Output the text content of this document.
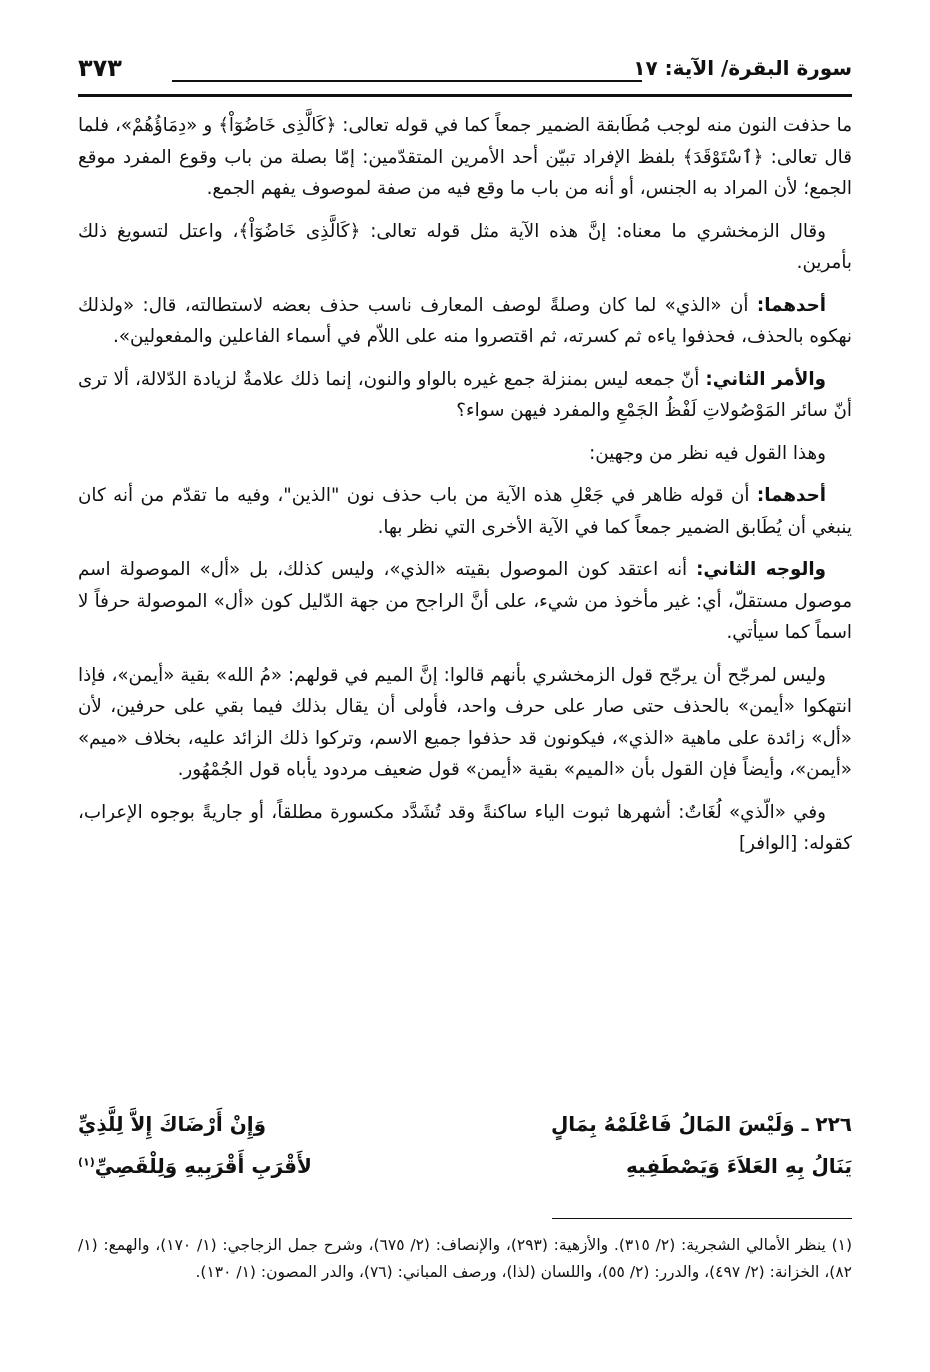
سورة البقرة/ الآية: ١٧
٣٧٣

ما حذفت النون منه لوجب مُطَابقة الضمير جمعاً كما في قوله تعالى: ﴿كَالَّذِى خَاضُوٓاْ﴾ و «دِمَاؤُهُمْ»، فلما قال تعالى: ﴿ٱسْتَوْقَدَ﴾ بلفظ الإفراد تبيّن أحد الأمرين المتقدّمين: إمّا بصلة من باب وقوع المفرد موقع الجمع؛ لأن المراد به الجنس، أو أنه من باب ما وقع فيه من صفة لموصوف يفهم الجمع.

وقال الزمخشري ما معناه: إنَّ هذه الآية مثل قوله تعالى: ﴿كَالَّذِى خَاضُوٓاْ﴾، واعتل لتسويغ ذلك بأمرين.

أحدهما: أن «الذي» لما كان وصلةً لوصف المعارف ناسب حذف بعضه لاستطالته، قال: «ولذلك نهكوه بالحذف، فحذفوا ياءه ثم كسرته، ثم اقتصروا منه على اللاّم في أسماء الفاعلين والمفعولين».

والأمر الثاني: أنّ جمعه ليس بمنزلة جمع غيره بالواو والنون، إنما ذلك علامةٌ لزيادة الدّلالة، ألا ترى أنّ سائر المَوْصُولاتِ لَفْظُ الجَمْعِ والمفرد فيهن سواء؟

وهذا القول فيه نظر من وجهين:

أحدهما: أن قوله ظاهر في جَعْلِ هذه الآية من باب حذف نون "الذين"، وفيه ما تقدّم من أنه كان ينبغي أن يُطَابق الضمير جمعاً كما في الآية الأخرى التي نظر بها.

والوجه الثاني: أنه اعتقد كون الموصول بقيته «الذي»، وليس كذلك، بل «أل» الموصولة اسم موصول مستقلّ، أي: غير مأخوذ من شيء، على أنَّ الراجح من جهة الدّليل كون «أل» الموصولة حرفاً لا اسماً كما سيأتي.

وليس لمرجّح أن يرجّح قول الزمخشري بأنهم قالوا: إنَّ الميم في قولهم: «مُ الله» بقية «أيمن»، فإذا انتهكوا «أيمن» بالحذف حتى صار على حرف واحد، فأولى أن يقال بذلك فيما بقي على حرفين، لأن «أل» زائدة على ماهية «الذي»، فيكونون قد حذفوا جميع الاسم، وتركوا ذلك الزائد عليه، بخلاف «ميم» «أيمن»، وأيضاً فإن القول بأن «الميم» بقية «أيمن» قول ضعيف مردود يأباه قول الجُمْهُور.

وفي «الّذي» لُغَاتٌ: أشهرها ثبوت الياء ساكنةً وقد تُشَدَّد مكسورة مطلقاً، أو جاريةً بوجوه الإعراب، كقوله: [الوافر]

٢٢٦ ـ وَلَيْسَ المَالُ فَاعْلَمْهُ بِمَالٍ
وَإِنْ أَرْضَاكَ إِلاَّ لِلَّذِيِّ
يَنَالُ بِهِ العَلاَءَ وَيَصْطَفِيهِ
لأَقْرَبِ أَقْرَبِيهِ وَلِلْقَصِيِّ$^{(١)}$
(١) ينظر الأمالي الشجرية: (٢/ ٣١٥). والأزهية: (٢٩٣)، والإنصاف: (٢/ ٦٧٥)، وشرح جمل الزجاجي: (١/ ١٧٠)، والهمع: (١/ ٨٢)، الخزانة: (٢/ ٤٩٧)، والدرر: (٢/ ٥٥)، واللسان (لذا)، ورصف المباني: (٧٦)، والدر المصون: (١/ ١٣٠).
